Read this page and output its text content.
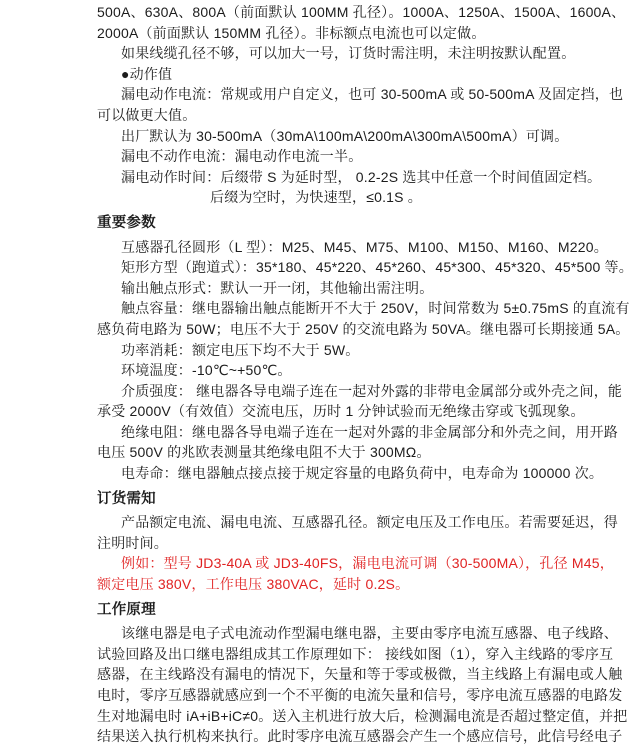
500A、630A、800A（前面默认 100MM 孔径）。1000A、1250A、1500A、1600A、
2000A（前面默认 150MM 孔径）。非标额点电流也可以定做。
如果线缆孔径不够，可以加大一号，订货时需注明，未注明按默认配置。
●动作值
漏电动作电流：常规或用户自定义，也可 30-500mA 或 50-500mA 及固定挡，也
可以做更大值。
出厂默认为 30-500mA（30mA\100mA\200mA\300mA\500mA）可调。
漏电不动作电流：漏电动作电流一半。
漏电动作时间：后缀带 S 为延时型， 0.2-2S 选其中任意一个时间值固定档。
后缀为空时，为快速型，≤0.1S 。
重要参数
互感器孔径圆形（L 型）：M25、M45、M75、M100、M150、M160、M220。
矩形方型（跑道式）：35*180、45*220、45*260、45*300、45*320、45*500 等。
输出触点形式：默认一开一闭，其他输出需注明。
触点容量：继电器输出触点能断开不大于 250V，时间常数为 5±0.75mS 的直流有
感负荷电路为 50W；电压不大于 250V 的交流电路为 50VA。继电器可长期接通 5A。
功率消耗：额定电压下均不大于 5W。
环境温度：-10℃~+50℃。
介质强度： 继电器各导电端子连在一起对外露的非带电金属部分或外壳之间，能
承受 2000V（有效值）交流电压，历时 1 分钟试验而无绝缘击穿或飞弧现象。
绝缘电阻：继电器各导电端子连在一起对外露的非金属部分和外壳之间，用开路
电压 500V 的兆欧表测量其绝缘电阻不大于 300MΩ。
电寿命：继电器触点接点接于规定容量的电路负荷中，电寿命为 100000 次。
订货需知
产品额定电流、漏电电流、互感器孔径。额定电压及工作电压。若需要延迟，得
注明时间。
例如：型号 JD3-40A 或 JD3-40FS，漏电电流可调（30-500MA），孔径 M45，
额定电压 380V，工作电压 380VAC，延时 0.2S。
工作原理
该继电器是电子式电流动作型漏电继电器，主要由零序电流互感器、电子线路、
试验回路及出口继电器组成其工作原理如下： 接线如图（1），穿入主线路的零序互
感器，在主线路没有漏电的情况下，矢量和等于零或极微，当主线路上有漏电或人触
电时，零序互感器就感应到一个不平衡的电流矢量和信号，零序电流互感器的电路发
生对地漏电时 iA+iB+iC≠0。送入主机进行放大后，检测漏电流是否超过整定值，并把
结果送入执行机构来执行。此时零序电流互感器会产生一个感应信号，此信号经电子
